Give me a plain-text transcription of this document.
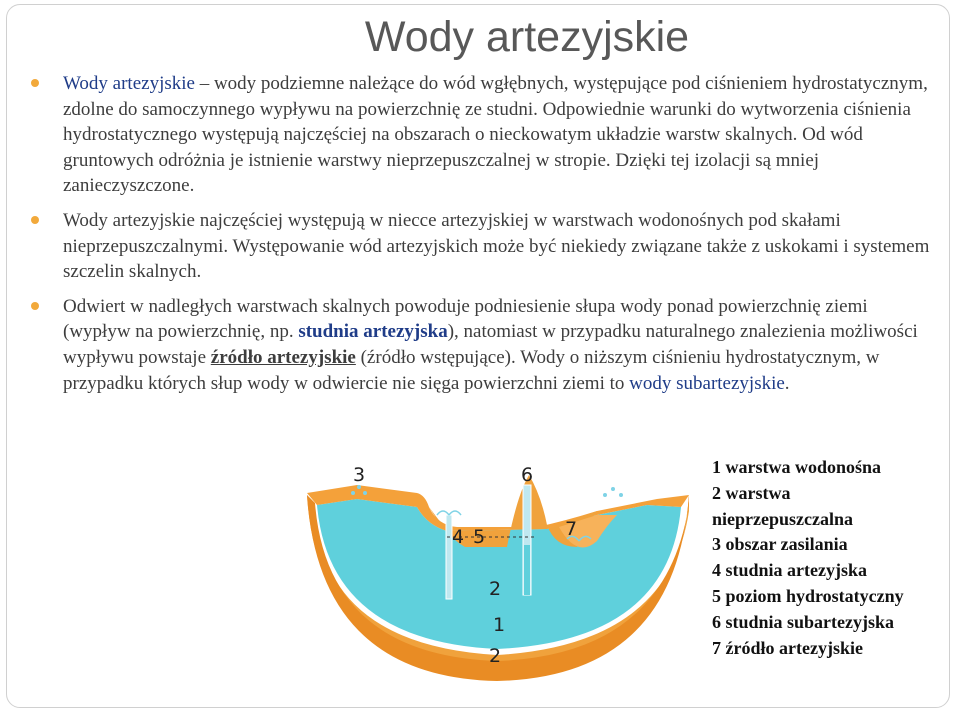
Wody artezyjskie
Wody artezyjskie – wody podziemne należące do wód wgłębnych, występujące pod ciśnieniem hydrostatycznym, zdolne do samoczynnego wypływu na powierzchnię ze studni. Odpowiednie warunki do wytworzenia ciśnienia hydrostatycznego występują najczęściej na obszarach o nieckowatym układzie warstw skalnych. Od wód gruntowych odróżnia je istnienie warstwy nieprzepuszczalnej w stropie. Dzięki tej izolacji są mniej zanieczyszczone.
Wody artezyjskie najczęściej występują w niecce artezyjskiej w warstwach wodonośnych pod skałami nieprzepuszczalnymi. Występowanie wód artezyjskich może być niekiedy związane także z uskokami i systemem szczelin skalnych.
Odwiert w nadległych warstwach skalnych powoduje podniesienie słupa wody ponad powierzchnię ziemi (wypływ na powierzchnię, np. studnia artezyjska), natomiast w przypadku naturalnego znalezienia możliwości wypływu powstaje źródło artezyjskie (źródło wstępujące). Wody o niższym ciśnieniu hydrostatycznym, w przypadku których słup wody w odwiercie nie sięga powierzchni ziemi to wody subartezyjskie.
3	6
4 5	7
2
1
2
1 warstwa wodonośna
2 warstwa
nieprzepuszczalna
3 obszar zasilania
4 studnia artezyjska
5 poziom hydrostatyczny
6 studnia subartezyjska
7 źródło artezyjskie
